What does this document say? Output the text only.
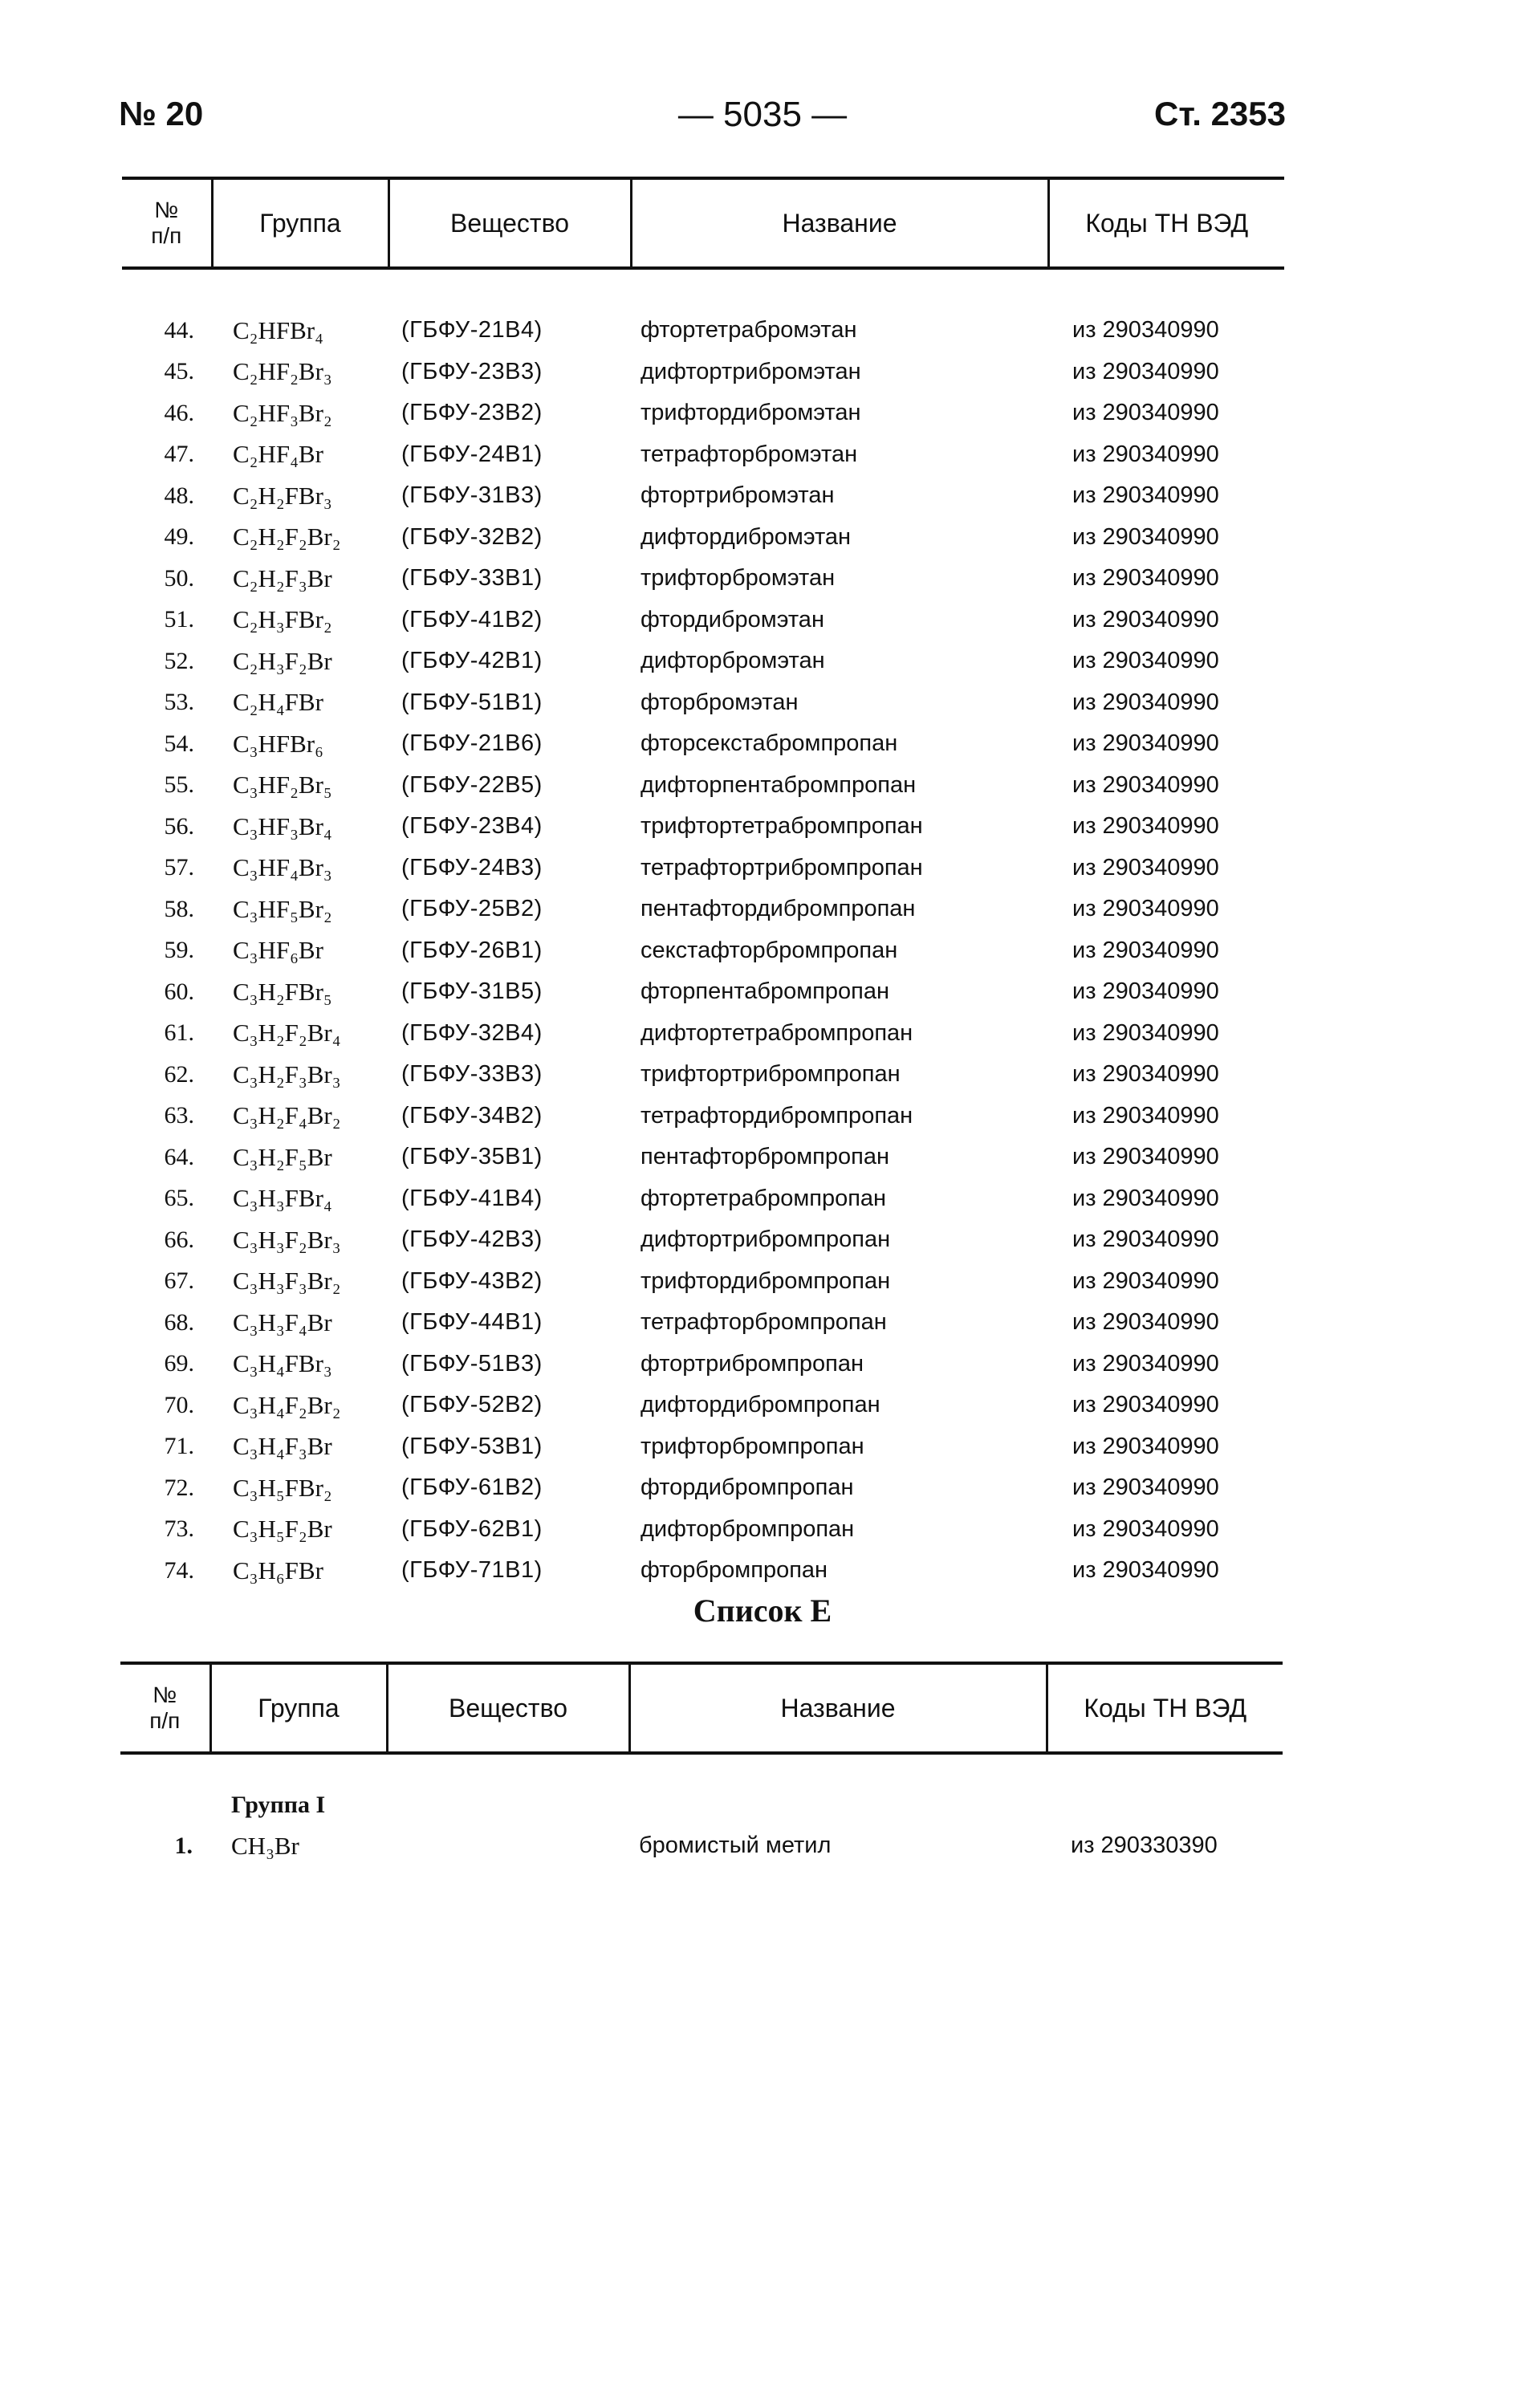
№ 20	— 5035 —	Ст. 2353
№
п/п	Группа	Вещество	Название	Коды ТН ВЭД
44.	C₂HFBr₄	(ГБФУ-21B4)	фтортетрабромэтан	из 290340990
45.	C₂HF₂Br₃	(ГБФУ-23B3)	дифтортрибромэтан	из 290340990
46.	C₂HF₃Br₂	(ГБФУ-23B2)	трифтордибромэтан	из 290340990
47.	C₂HF₄Br	(ГБФУ-24B1)	тетрафторбромэтан	из 290340990
48.	C₂H₂FBr₃	(ГБФУ-31B3)	фтортрибромэтан	из 290340990
49.	C₂H₂F₂Br₂	(ГБФУ-32B2)	дифтордибромэтан	из 290340990
50.	C₂H₂F₃Br	(ГБФУ-33B1)	трифторбромэтан	из 290340990
51.	C₂H₃FBr₂	(ГБФУ-41B2)	фтордибромэтан	из 290340990
52.	C₂H₃F₂Br	(ГБФУ-42B1)	дифторбромэтан	из 290340990
53.	C₂H₄FBr	(ГБФУ-51B1)	фторбромэтан	из 290340990
54.	C₃HFBr₆	(ГБФУ-21B6)	фторсекстабромпропан	из 290340990
55.	C₃HF₂Br₅	(ГБФУ-22B5)	дифторпентабромпропан	из 290340990
56.	C₃HF₃Br₄	(ГБФУ-23B4)	трифтортетрабромпропан	из 290340990
57.	C₃HF₄Br₃	(ГБФУ-24B3)	тетрафтортрибромпропан	из 290340990
58.	C₃HF₅Br₂	(ГБФУ-25B2)	пентафтордибромпропан	из 290340990
59.	C₃HF₆Br	(ГБФУ-26B1)	секстафторбромпропан	из 290340990
60.	C₃H₂FBr₅	(ГБФУ-31B5)	фторпентабромпропан	из 290340990
61.	C₃H₂F₂Br₄	(ГБФУ-32B4)	дифтортетрабромпропан	из 290340990
62.	C₃H₂F₃Br₃	(ГБФУ-33B3)	трифтортрибромпропан	из 290340990
63.	C₃H₂F₄Br₂	(ГБФУ-34B2)	тетрафтордибромпропан	из 290340990
64.	C₃H₂F₅Br	(ГБФУ-35B1)	пентафторбромпропан	из 290340990
65.	C₃H₃FBr₄	(ГБФУ-41B4)	фтортетрабромпропан	из 290340990
66.	C₃H₃F₂Br₃	(ГБФУ-42B3)	дифтортрибромпропан	из 290340990
67.	C₃H₃F₃Br₂	(ГБФУ-43B2)	трифтордибромпропан	из 290340990
68.	C₃H₃F₄Br	(ГБФУ-44B1)	тетрафторбромпропан	из 290340990
69.	C₃H₄FBr₃	(ГБФУ-51B3)	фтортрибромпропан	из 290340990
70.	C₃H₄F₂Br₂	(ГБФУ-52B2)	дифтордибромпропан	из 290340990
71.	C₃H₄F₃Br	(ГБФУ-53B1)	трифторбромпропан	из 290340990
72.	C₃H₅FBr₂	(ГБФУ-61B2)	фтордибромпропан	из 290340990
73.	C₃H₅F₂Br	(ГБФУ-62B1)	дифторбромпропан	из 290340990
74.	C₃H₆FBr	(ГБФУ-71B1)	фторбромпропан	из 290340990
Список Е
№
п/п	Группа	Вещество	Название	Коды ТН ВЭД
	Группа I			
1.	CH₃Br		бромистый метил	из 290330390
